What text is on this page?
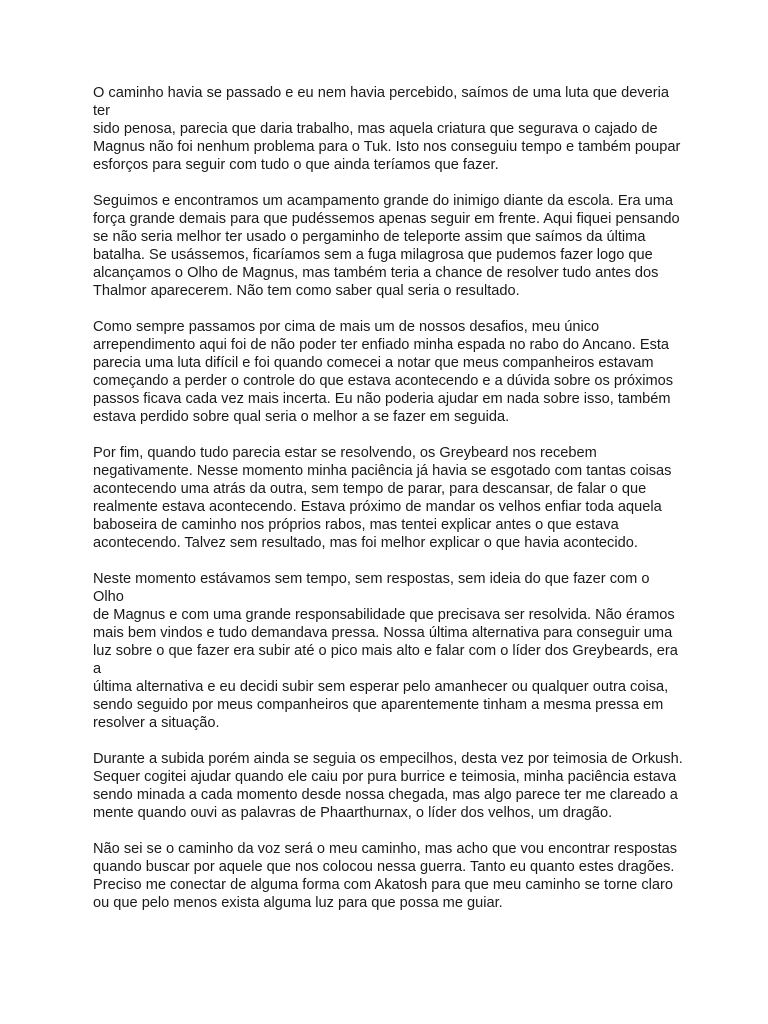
O caminho havia se passado e eu nem havia percebido, saímos de uma luta que deveria ter
sido penosa, parecia que daria trabalho, mas aquela criatura que segurava o cajado de
Magnus não foi nenhum problema para o Tuk. Isto nos conseguiu tempo e também poupar
esforços para seguir com tudo o que ainda teríamos que fazer.

Seguimos e encontramos um acampamento grande do inimigo diante da escola. Era uma
força grande demais para que pudéssemos apenas seguir em frente. Aqui fiquei pensando
se não seria melhor ter usado o pergaminho de teleporte assim que saímos da última
batalha. Se usássemos, ficaríamos sem a fuga milagrosa que pudemos fazer logo que
alcançamos o Olho de Magnus, mas também teria a chance de resolver tudo antes dos
Thalmor aparecerem. Não tem como saber qual seria o resultado.

Como sempre passamos por cima de mais um de nossos desafios, meu único
arrependimento aqui foi de não poder ter enfiado minha espada no rabo do Ancano. Esta
parecia uma luta difícil e foi quando comecei a notar que meus companheiros estavam
começando a perder o controle do que estava acontecendo e a dúvida sobre os próximos
passos ficava cada vez mais incerta. Eu não poderia ajudar em nada sobre isso, também
estava perdido sobre qual seria o melhor a se fazer em seguida.

Por fim, quando tudo parecia estar se resolvendo, os Greybeard nos recebem
negativamente. Nesse momento minha paciência já havia se esgotado com tantas coisas
acontecendo uma atrás da outra, sem tempo de parar, para descansar, de falar o que
realmente estava acontecendo. Estava próximo de mandar os velhos enfiar toda aquela
baboseira de caminho nos próprios rabos, mas tentei explicar antes o que estava
acontecendo. Talvez sem resultado, mas foi melhor explicar o que havia acontecido.

Neste momento estávamos sem tempo, sem respostas, sem ideia do que fazer com o Olho
de Magnus e com uma grande responsabilidade que precisava ser resolvida. Não éramos
mais bem vindos e tudo demandava pressa. Nossa última alternativa para conseguir uma
luz sobre o que fazer era subir até o pico mais alto e falar com o líder dos Greybeards, era a
última alternativa e eu decidi subir sem esperar pelo amanhecer ou qualquer outra coisa,
sendo seguido por meus companheiros que aparentemente tinham a mesma pressa em
resolver a situação.

Durante a subida porém ainda se seguia os empecilhos, desta vez por teimosia de Orkush.
Sequer cogitei ajudar quando ele caiu por pura burrice e teimosia, minha paciência estava
sendo minada a cada momento desde nossa chegada, mas algo parece ter me clareado a
mente quando ouvi as palavras de Phaarthurnax, o líder dos velhos, um dragão.

Não sei se o caminho da voz será o meu caminho, mas acho que vou encontrar respostas
quando buscar por aquele que nos colocou nessa guerra. Tanto eu quanto estes dragões.
Preciso me conectar de alguma forma com Akatosh para que meu caminho se torne claro
ou que pelo menos exista alguma luz para que possa me guiar.
